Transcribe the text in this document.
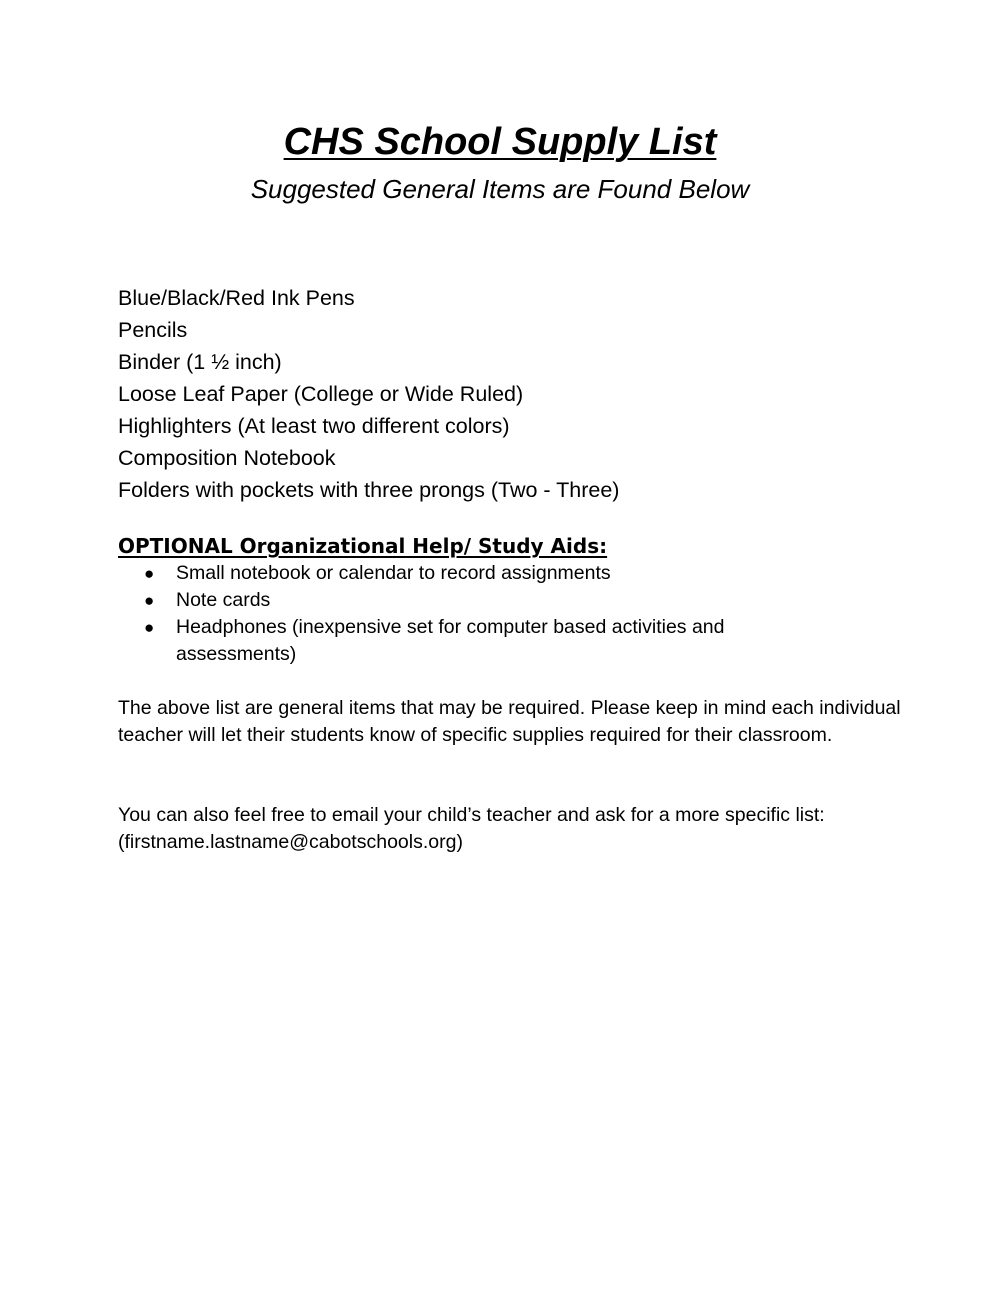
CHS School Supply List
Suggested General Items are Found Below
Blue/Black/Red Ink Pens
Pencils
Binder (1 ½ inch)
Loose Leaf Paper (College or Wide Ruled)
Highlighters (At least two different colors)
Composition Notebook
Folders with pockets with three prongs (Two - Three)
OPTIONAL Organizational Help/ Study Aids:
● Small notebook or calendar to record assignments
● Note cards
● Headphones (inexpensive set for computer based activities and assessments)

The above list are general items that may be required. Please keep in mind each individual teacher will let their students know of specific supplies required for their classroom.

You can also feel free to email your child’s teacher and ask for a more specific list: (firstname.lastname@cabotschools.org)
